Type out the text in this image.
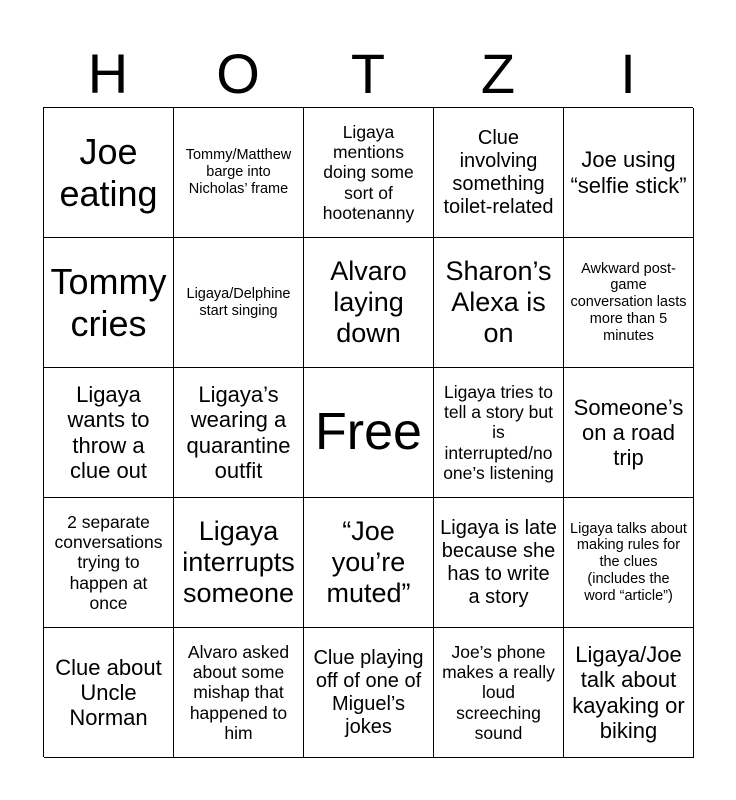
H	O	T	Z	I
Joe eating
Tommy/Matthew barge into Nicholas’ frame
Ligaya mentions doing some sort of hootenanny
Clue involving something toilet-related
Joe using “selfie stick”
Tommy cries
Ligaya/Delphine start singing
Alvaro laying down
Sharon’s Alexa is on
Awkward post-game conversation lasts more than 5 minutes
Ligaya wants to throw a clue out
Ligaya’s wearing a quarantine outfit
Free
Ligaya tries to tell a story but is interrupted/no one’s listening
Someone’s on a road trip
2 separate conversations trying to happen at once
Ligaya interrupts someone
“Joe you’re muted”
Ligaya is late because she has to write a story
Ligaya talks about making rules for the clues (includes the word “article”)
Clue about Uncle Norman
Alvaro asked about some mishap that happened to him
Clue playing off of one of Miguel’s jokes
Joe’s phone makes a really loud screeching sound
Ligaya/Joe talk about kayaking or biking
